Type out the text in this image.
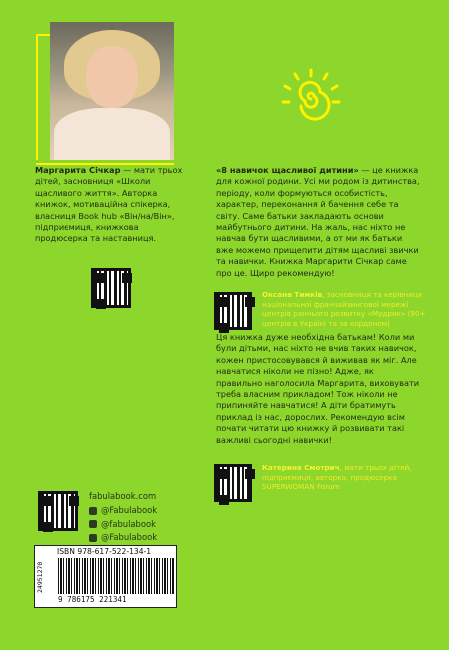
Маргарита Січкар — мати трьох дітей, засновниця «Школи щасливого життя». Авторка книжок, мотиваційна спікерка, власниця Book hub «Він/на/Він», підприємиця, книжкова продюсерка та наставниця.
«8 навичок щасливої дитини» — це книжка для кожної родини. Усі ми родом із дитинства, періоду, коли формуються особистість, характер, переконання й бачення себе та світу. Саме батьки закладають основи майбутнього дитини. На жаль, нас ніхто не навчав бути щасливими, а от ми як батьки вже можемо прищепити дітям щасливі звички та навички. Книжка Маргарити Січкар саме про це. Щиро рекомендую!
Оксана Тимків, засновниця та керівниця національної франчайзингової мережі центрів раннього розвитку «Мудрик» (90+ центрів в Україні та за кордоном)
Ця книжка дуже необхідна батькам! Коли ми були дітьми, нас ніхто не вчив таких навичок, кожен пристосовувався й виживав як міг. Але навчатися ніколи не пізно! Адже, як правильно наголосила Маргарита, виховувати треба власним прикладом! Тож ніколи не припиняйте навчатися! А діти братимуть приклад із нас, дорослих. Рекомендую всім почати читати цю книжку й розвивати такі важливі сьогодні навички!
Катерина Смотрич, мати трьох дітей, підприємиця, авторка, продюсерка SUPERWOMAN Forum
fabulabook.com
@Fabulabook
@fabulabook
@Fabulabook
24951270
ISBN 978-617-522-134-1
9 786175 221341
